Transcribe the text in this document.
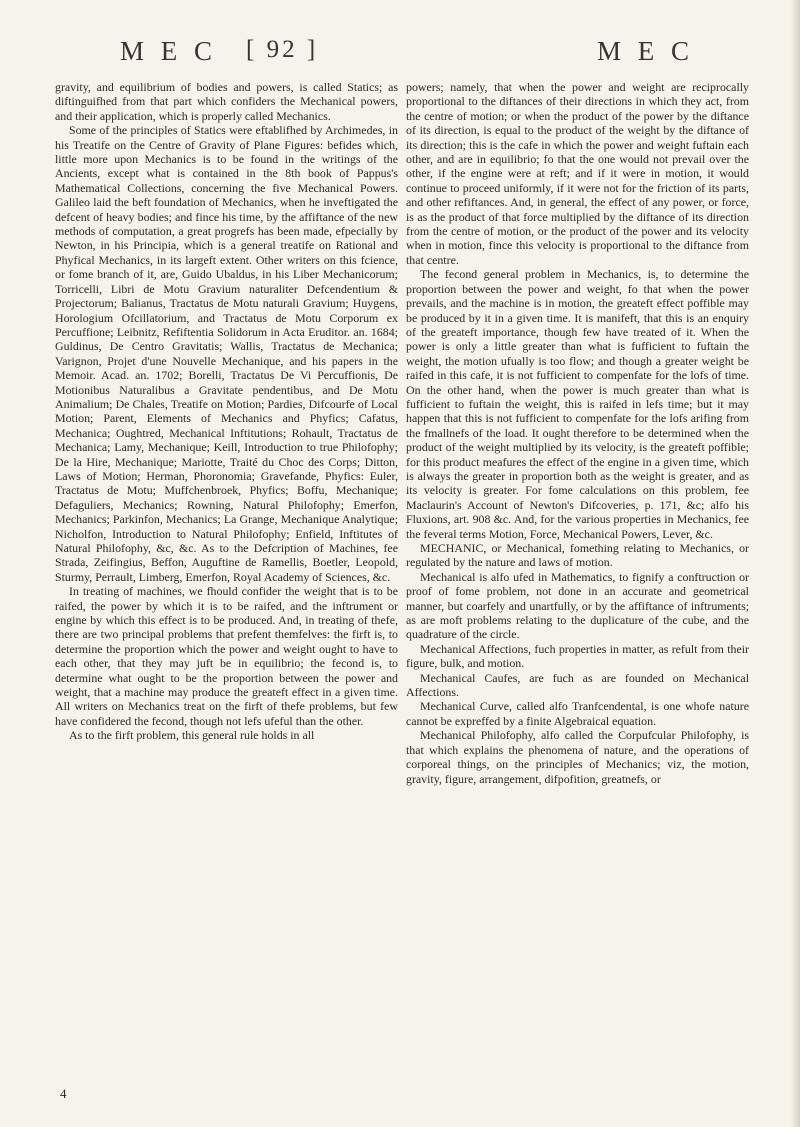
M E C [ 92 ]	M E C

gravity, and equilibrium of bodies and powers, is called Statics; as diftinguifhed from that part which confiders the Mechanical powers, and their application, which is properly called Mechanics.

Some of the principles of Statics were eftablifhed by Archimedes, in his Treatife on the Centre of Gravity of Plane Figures: befides which, little more upon Mechanics is to be found in the writings of the Ancients, except what is contained in the 8th book of Pappus's Mathematical Collections, concerning the five Mechanical Powers. Galileo laid the beft foundation of Mechanics, when he inveftigated the defcent of heavy bodies; and fince his time, by the affiftance of the new methods of computation, a great progrefs has been made, efpecially by Newton, in his Principia, which is a general treatife on Rational and Phyfical Mechanics, in its largeft extent. Other writers on this fcience, or fome branch of it, are, Guido Ubaldus, in his Liber Mechanicorum; Torricelli, Libri de Motu Gravium naturaliter Defcendentium & Projectorum; Balianus, Tractatus de Motu naturali Gravium; Huygens, Horologium Ofcillatorium, and Tractatus de Motu Corporum ex Percuffione; Leibnitz, Refiftentia Solidorum in Acta Eruditor. an. 1684; Guldinus, De Centro Gravitatis; Wallis, Tractatus de Mechanica; Varignon, Projet d'une Nouvelle Mechanique, and his papers in the Memoir. Acad. an. 1702; Borelli, Tractatus De Vi Percuffionis, De Motionibus Naturalibus a Gravitate pendentibus, and De Motu Animalium; De Chales, Treatife on Motion; Pardies, Difcourfe of Local Motion; Parent, Elements of Mechanics and Phyfics; Cafatus, Mechanica; Oughtred, Mechanical Inftitutions; Rohault, Tractatus de Mechanica; Lamy, Mechanique; Keill, Introduction to true Philofophy; De la Hire, Mechanique; Mariotte, Traité du Choc des Corps; Ditton, Laws of Motion; Herman, Phoronomia; Gravefande, Phyfics: Euler, Tractatus de Motu; Muffchenbroek, Phyfics; Boffu, Mechanique; Defaguliers, Mechanics; Rowning, Natural Philofophy; Emerfon, Mechanics; Parkinfon, Mechanics; La Grange, Mechanique Analytique; Nicholfon, Introduction to Natural Philofophy; Enfield, Inftitutes of Natural Philofophy, &c, &c. As to the Defcription of Machines, fee Strada, Zeifingius, Beffon, Auguftine de Ramellis, Boetler, Leopold, Sturmy, Perrault, Limberg, Emerfon, Royal Academy of Sciences, &c.

In treating of machines, we fhould confider the weight that is to be raifed, the power by which it is to be raifed, and the inftrument or engine by which this effect is to be produced. And, in treating of thefe, there are two principal problems that prefent themfelves: the firft is, to determine the proportion which the power and weight ought to have to each other, that they may juft be in equilibrio; the fecond is, to determine what ought to be the proportion between the power and weight, that a machine may produce the greateft effect in a given time. All writers on Mechanics treat on the firft of thefe problems, but few have confidered the fecond, though not lefs ufeful than the other.

As to the firft problem, this general rule holds in all

powers; namely, that when the power and weight are reciprocally proportional to the diftances of their directions in which they act, from the centre of motion; or when the product of the power by the diftance of its direction, is equal to the product of the weight by the diftance of its direction; this is the cafe in which the power and weight fuftain each other, and are in equilibrio; fo that the one would not prevail over the other, if the engine were at reft; and if it were in motion, it would continue to proceed uniformly, if it were not for the friction of its parts, and other refiftances. And, in general, the effect of any power, or force, is as the product of that force multiplied by the diftance of its direction from the centre of motion, or the product of the power and its velocity when in motion, fince this velocity is proportional to the diftance from that centre.

The fecond general problem in Mechanics, is, to determine the proportion between the power and weight, fo that when the power prevails, and the machine is in motion, the greateft effect poffible may be produced by it in a given time. It is manifeft, that this is an enquiry of the greateft importance, though few have treated of it. When the power is only a little greater than what is fufficient to fuftain the weight, the motion ufually is too flow; and though a greater weight be raifed in this cafe, it is not fufficient to compenfate for the lofs of time. On the other hand, when the power is much greater than what is fufficient to fuftain the weight, this is raifed in lefs time; but it may happen that this is not fufficient to compenfate for the lofs arifing from the fmallnefs of the load. It ought therefore to be determined when the product of the weight multiplied by its velocity, is the greateft poffible; for this product meafures the effect of the engine in a given time, which is always the greater in proportion both as the weight is greater, and as its velocity is greater. For fome calculations on this problem, fee Maclaurin's Account of Newton's Difcoveries, p. 171, &c; alfo his Fluxions, art. 908 &c. And, for the various properties in Mechanics, fee the feveral terms Motion, Force, Mechanical Powers, Lever, &c.

MECHANIC, or Mechanical, fomething relating to Mechanics, or regulated by the nature and laws of motion.

Mechanical is alfo ufed in Mathematics, to fignify a conftruction or proof of fome problem, not done in an accurate and geometrical manner, but coarfely and unartfully, or by the affiftance of inftruments; as are moft problems relating to the duplicature of the cube, and the quadrature of the circle.

Mechanical Affections, fuch properties in matter, as refult from their figure, bulk, and motion.

Mechanical Caufes, are fuch as are founded on Mechanical Affections.

Mechanical Curve, called alfo Tranfcendental, is one whofe nature cannot be expreffed by a finite Algebraical equation.

Mechanical Philofophy, alfo called the Corpufcular Philofophy, is that which explains the phenomena of nature, and the operations of corporeal things, on the principles of Mechanics; viz, the motion, gravity, figure, arrangement, difpofition, greatnefs, or

4
